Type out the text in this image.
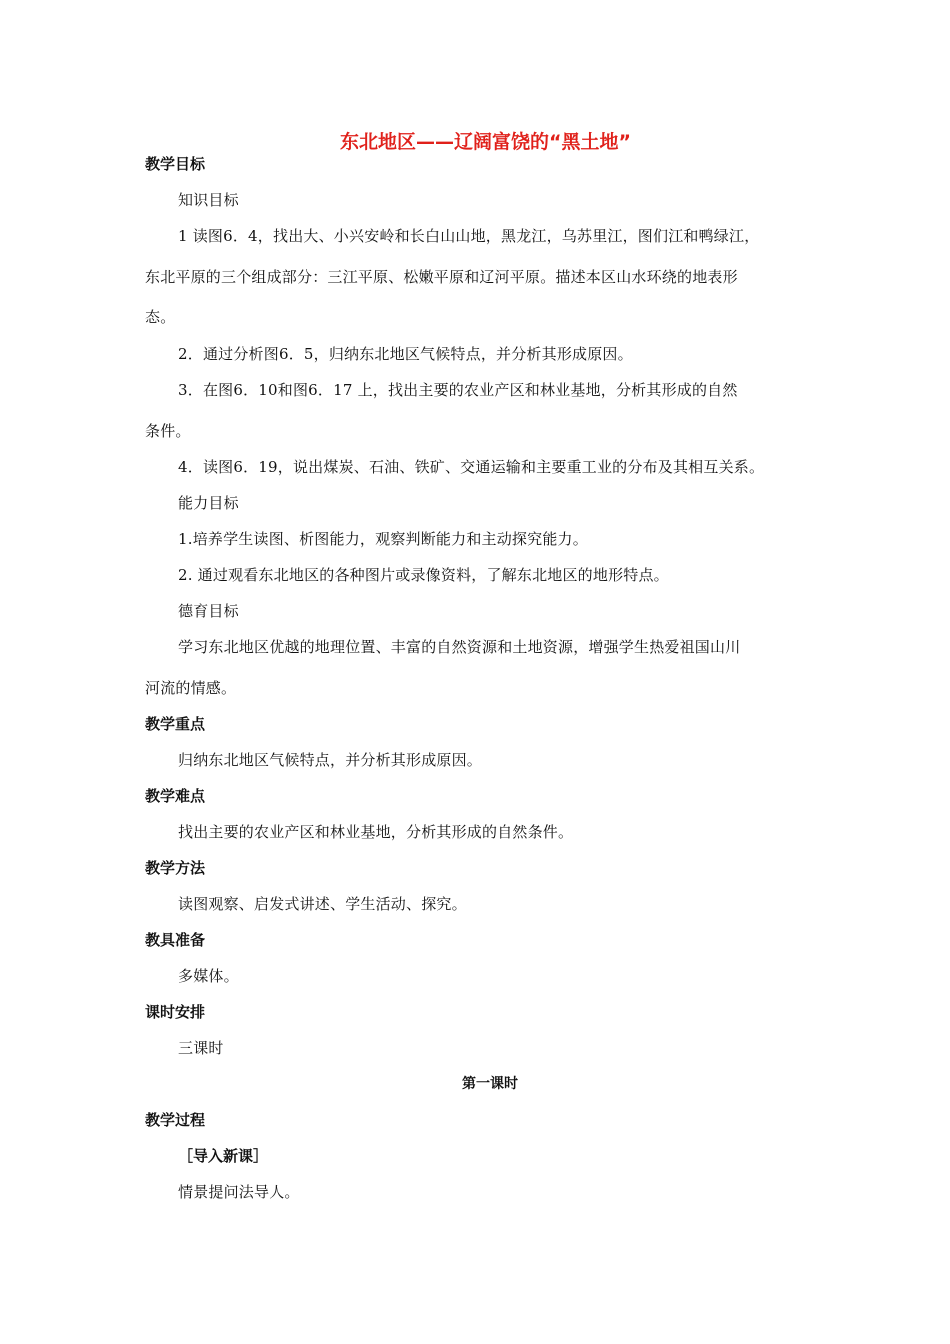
东北地区——辽阔富饶的“黑土地”
教学目标
知识目标
1 读图6．4，找出大、小兴安岭和长白山山地，黑龙江，乌苏里江，图们江和鸭绿江，
东北平原的三个组成部分：三江平原、松嫩平原和辽河平原。描述本区山水环绕的地表形
态。
2．通过分析图6．5，归纳东北地区气候特点，并分析其形成原因。
3．在图6．10和图6．17 上，找出主要的农业产区和林业基地，分析其形成的自然
条件。
4．读图6．19，说出煤炭、石油、铁矿、交通运输和主要重工业的分布及其相互关系。
能力目标
1.培养学生读图、析图能力，观察判断能力和主动探究能力。
2. 通过观看东北地区的各种图片或录像资料，了解东北地区的地形特点。
德育目标
学习东北地区优越的地理位置、丰富的自然资源和土地资源，增强学生热爱祖国山川
河流的情感。
教学重点
归纳东北地区气候特点，并分析其形成原因。
教学难点
找出主要的农业产区和林业基地，分析其形成的自然条件。
教学方法
读图观察、启发式讲述、学生活动、探究。
教具准备
多媒体。
课时安排
三课时
第一课时
教学过程
［导入新课］
情景提问法导人。
